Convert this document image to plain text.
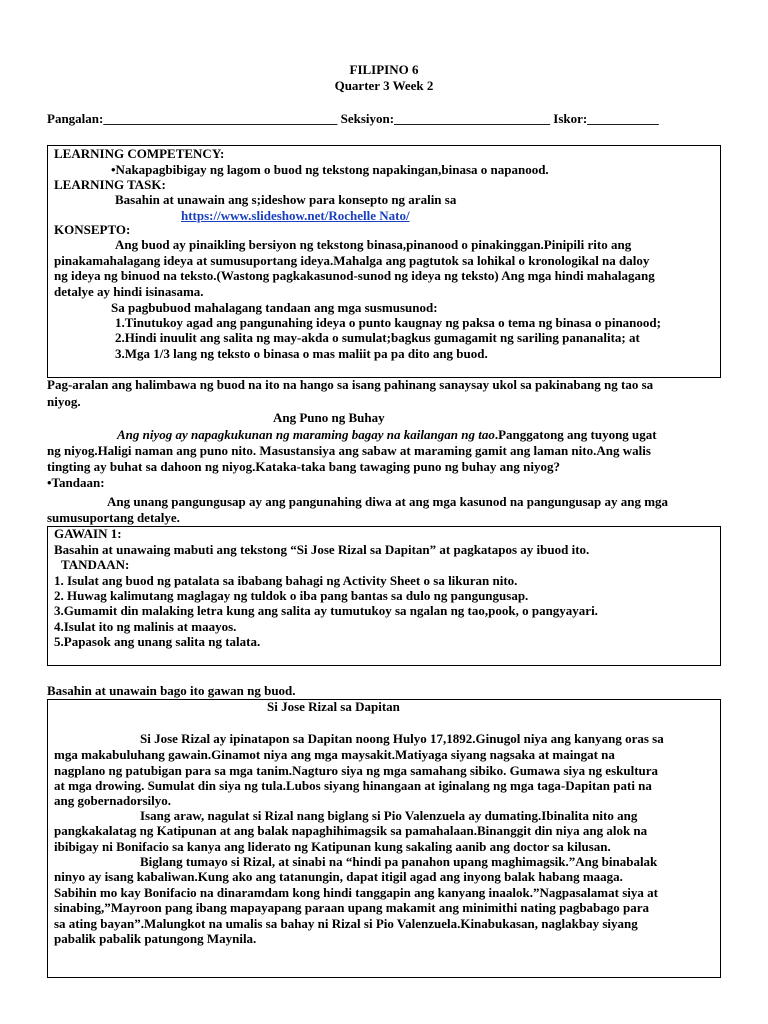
FILIPINO 6
Quarter 3 Week 2
Pangalan:____________________________________ Seksiyon:________________________ Iskor:___________
LEARNING COMPETENCY:
•Nakapagbibigay ng lagom o buod ng tekstong napakingan,binasa o napanood.
LEARNING TASK:
Basahin at unawain ang s;ideshow para konsepto ng aralin sa
https://www.slideshow.net/Rochelle Nato/
KONSEPTO:
Ang buod ay pinaikling bersiyon ng tekstong binasa,pinanood o pinakinggan.Pinipili rito ang
pinakamahalagang ideya at sumusuportang ideya.Mahalga ang pagtutok sa lohikal o kronologikal na daloy
ng ideya ng binuod na teksto.(Wastong pagkakasunod-sunod ng ideya ng teksto) Ang mga hindi mahalagang
detalye ay hindi isinasama.
Sa pagbubuod mahalagang tandaan ang mga susmusunod:
1.Tinutukoy agad ang pangunahing ideya o punto kaugnay ng paksa o tema ng binasa o pinanood;
2.Hindi inuulit ang salita ng may-akda o sumulat;bagkus gumagamit ng sariling pananalita; at
3.Mga 1/3 lang ng teksto o binasa o mas maliit pa pa dito ang buod.
Pag-aralan ang halimbawa ng buod na ito na hango sa isang pahinang sanaysay ukol sa pakinabang ng tao sa
niyog.
Ang Puno ng Buhay
Ang niyog ay napagkukunan ng maraming bagay na kailangan ng tao.Panggatong ang tuyong ugat
ng niyog.Haligi naman ang puno nito. Masustansiya ang sabaw at maraming gamit ang laman nito.Ang walis
tingting ay buhat sa dahoon ng niyog.Kataka-taka bang tawaging puno ng buhay ang niyog?
•Tandaan:
Ang unang pangungusap ay ang pangunahing diwa at ang mga kasunod na pangungusap ay ang mga
sumusuportang detalye.
GAWAIN 1:
Basahin at unawaing mabuti ang tekstong “Si Jose Rizal sa Dapitan” at pagkatapos ay ibuod ito.
TANDAAN:
1. Isulat ang buod ng patalata sa ibabang bahagi ng Activity Sheet o sa likuran nito.
2. Huwag kalimutang maglagay ng tuldok o iba pang bantas sa dulo ng pangungusap.
3.Gumamit din malaking letra kung ang salita ay tumutukoy sa ngalan ng tao,pook, o pangyayari.
4.Isulat ito ng malinis at maayos.
5.Papasok ang unang salita ng talata.
Basahin at unawain bago ito gawan ng buod.
Si Jose Rizal sa Dapitan
Si Jose Rizal ay ipinatapon sa Dapitan noong Hulyo 17,1892.Ginugol niya ang kanyang oras sa
mga makabuluhang gawain.Ginamot niya ang mga maysakit.Matiyaga siyang nagsaka at maingat na
nagplano ng patubigan para sa mga tanim.Nagturo siya ng mga samahang sibiko. Gumawa siya ng eskultura
at mga drowing. Sumulat din siya ng tula.Lubos siyang hinangaan at iginalang ng mga taga-Dapitan pati na
ang gobernadorsilyo.
Isang araw, nagulat si Rizal nang biglang si Pio Valenzuela ay dumating.Ibinalita nito ang
pangkakalatag ng Katipunan at ang balak napaghihimagsik sa pamahalaan.Binanggit din niya ang alok na
ibibigay ni Bonifacio sa kanya ang liderato ng Katipunan kung sakaling aanib ang doctor sa kilusan.
Biglang tumayo si Rizal, at sinabi na “hindi pa panahon upang maghimagsik.”Ang binabalak
ninyo ay isang kabaliwan.Kung ako ang tatanungin, dapat itigil agad ang inyong balak habang maaga.
Sabihin mo kay Bonifacio na dinaramdam kong hindi tanggapin ang kanyang inaalok.”Nagpasalamat siya at
sinabing,”Mayroon pang ibang mapayapang paraan upang makamit ang minimithi nating pagbabago para
sa ating bayan”.Malungkot na umalis sa bahay ni Rizal si Pio Valenzuela.Kinabukasan, naglakbay siyang
pabalik pabalik patungong Maynila.
